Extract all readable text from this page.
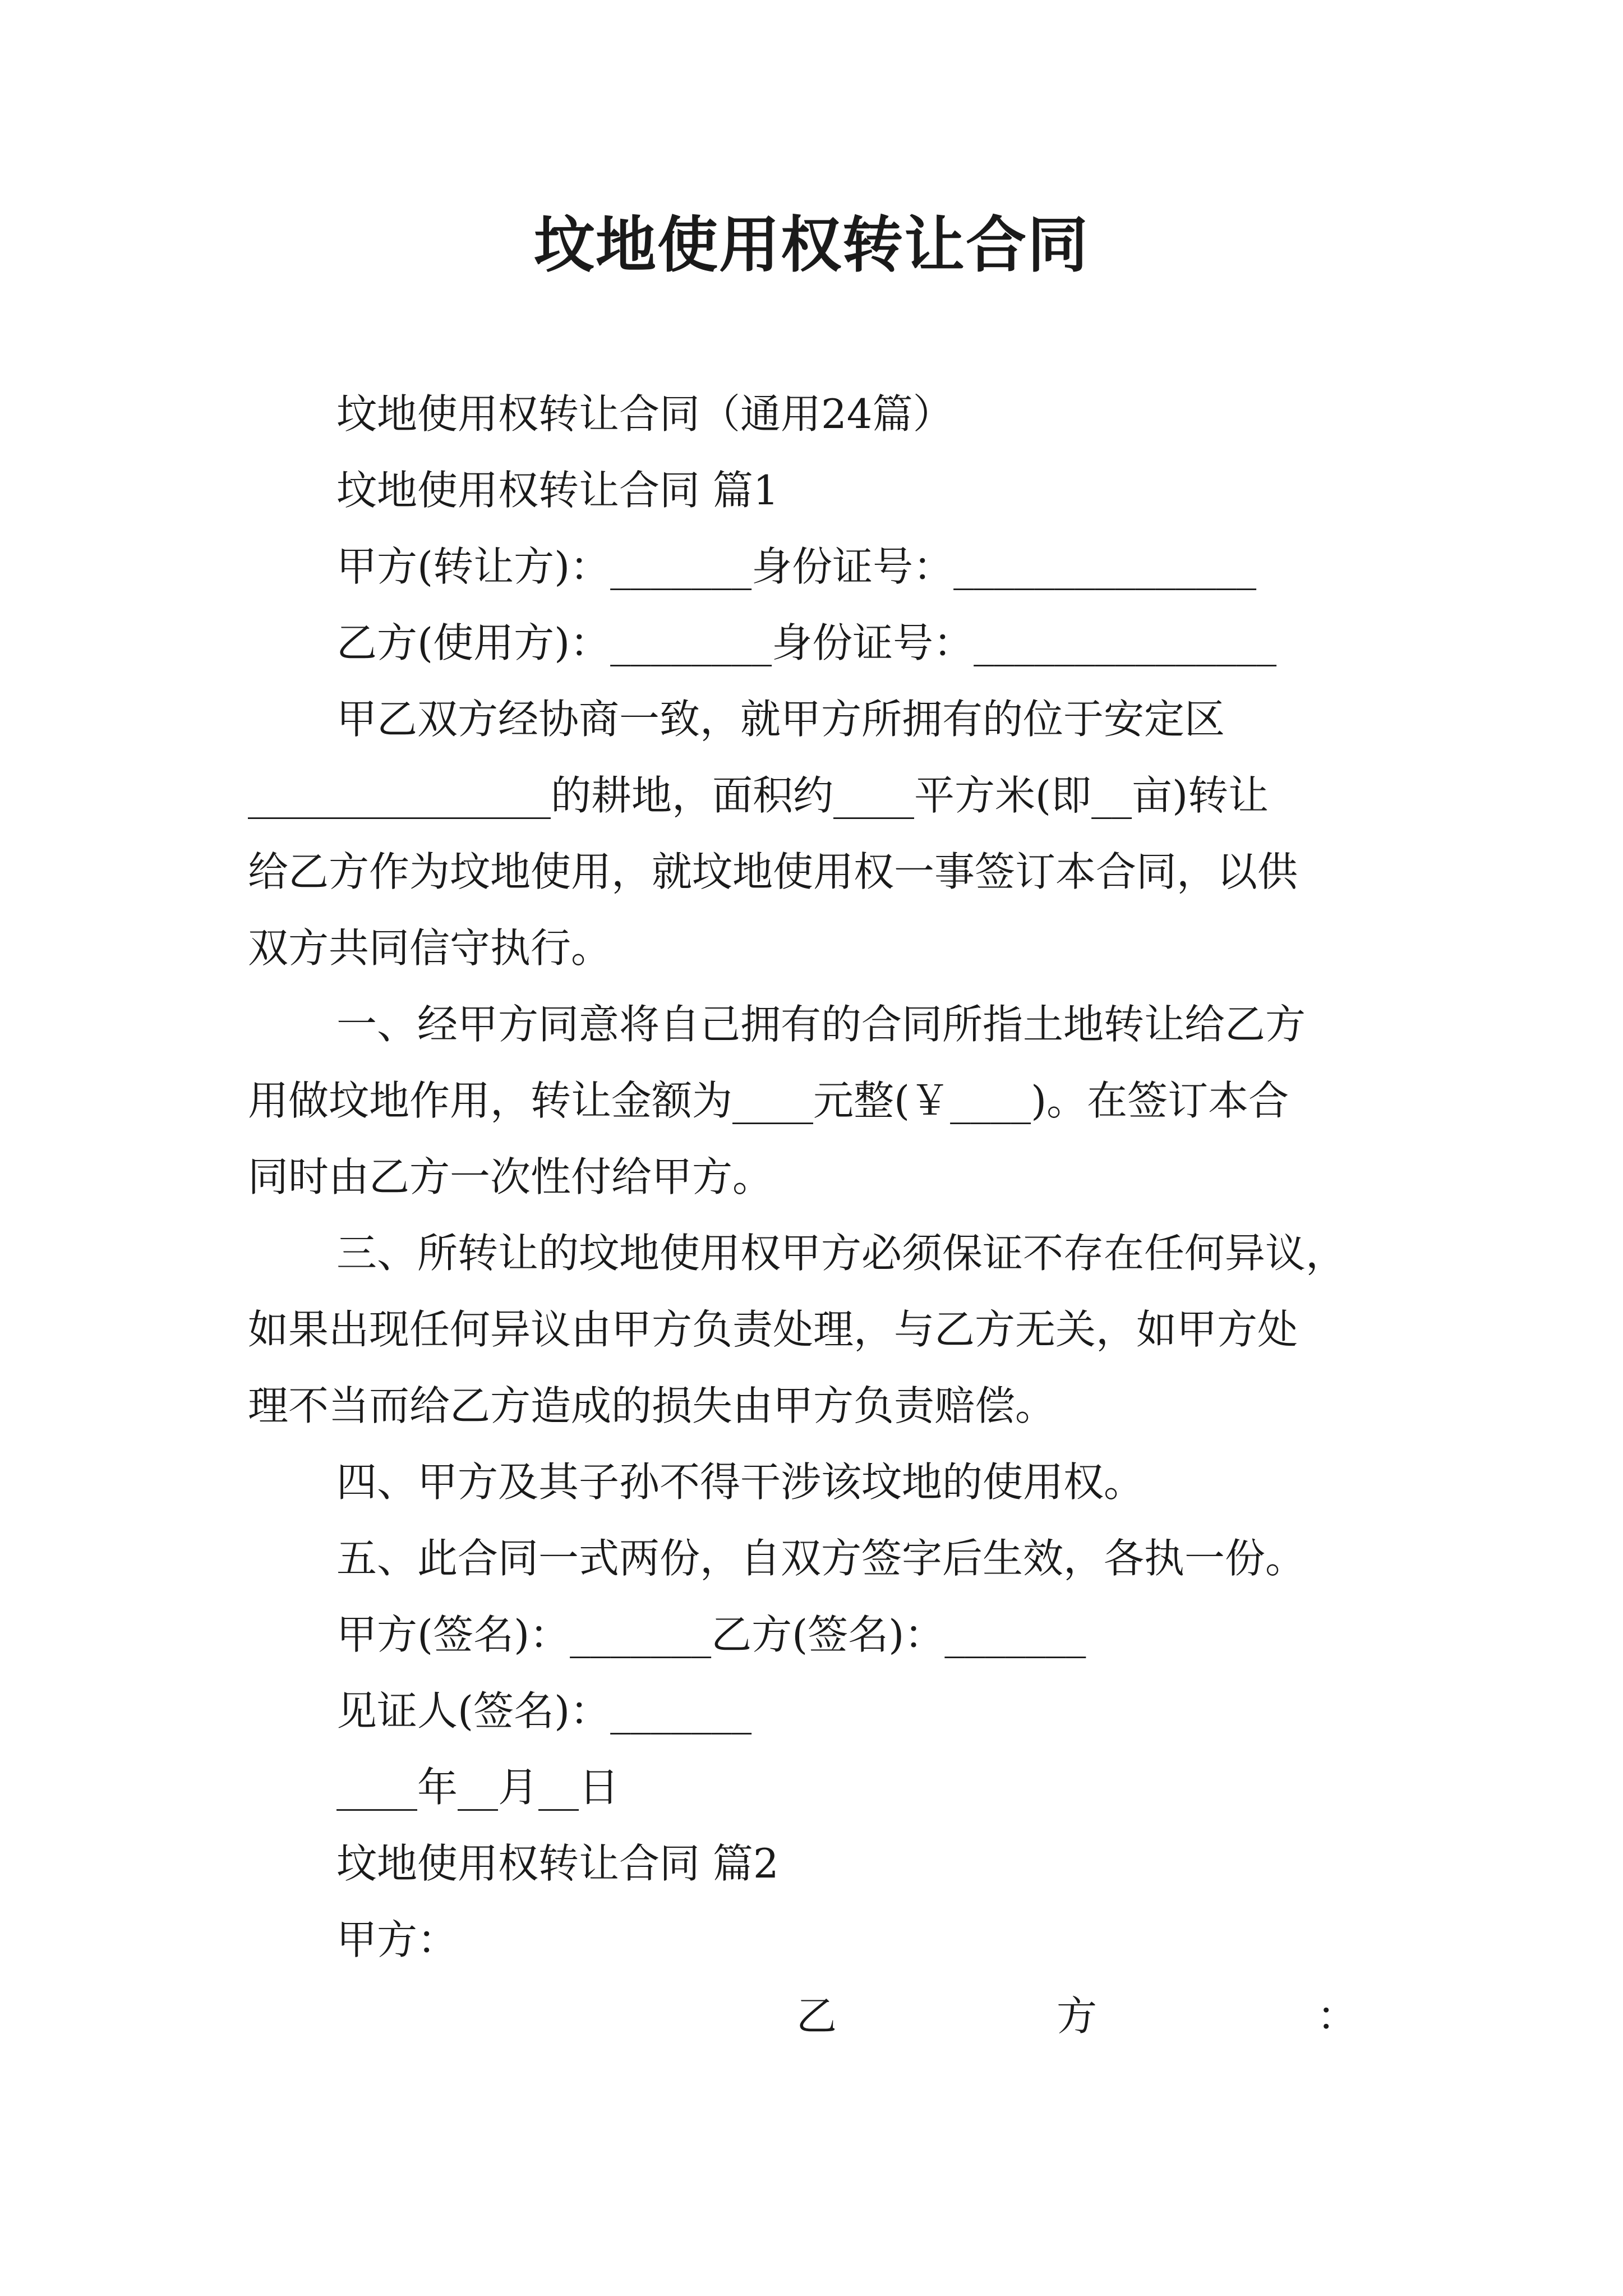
坟地使用权转让合同
坟地使用权转让合同（通用24篇）
坟地使用权转让合同 篇1
甲方(转让方)：_______身份证号：_______________
乙方(使用方)：________身份证号：_______________
甲乙双方经协商一致，就甲方所拥有的位于安定区
_______________的耕地，面积约____平方米(即__亩)转让
给乙方作为坟地使用，就坟地使用权一事签订本合同，以供
双方共同信守执行。
一、经甲方同意将自己拥有的合同所指土地转让给乙方
用做坟地作用，转让金额为____元整(￥____)。在签订本合
同时由乙方一次性付给甲方。
三、所转让的坟地使用权甲方必须保证不存在任何异议，
如果出现任何异议由甲方负责处理，与乙方无关，如甲方处
理不当而给乙方造成的损失由甲方负责赔偿。
四、甲方及其子孙不得干涉该坟地的使用权。
五、此合同一式两份，自双方签字后生效，各执一份。
甲方(签名)：_______乙方(签名)：_______
见证人(签名)：_______
____年__月__日
坟地使用权转让合同 篇2
甲方：
乙	方	：
